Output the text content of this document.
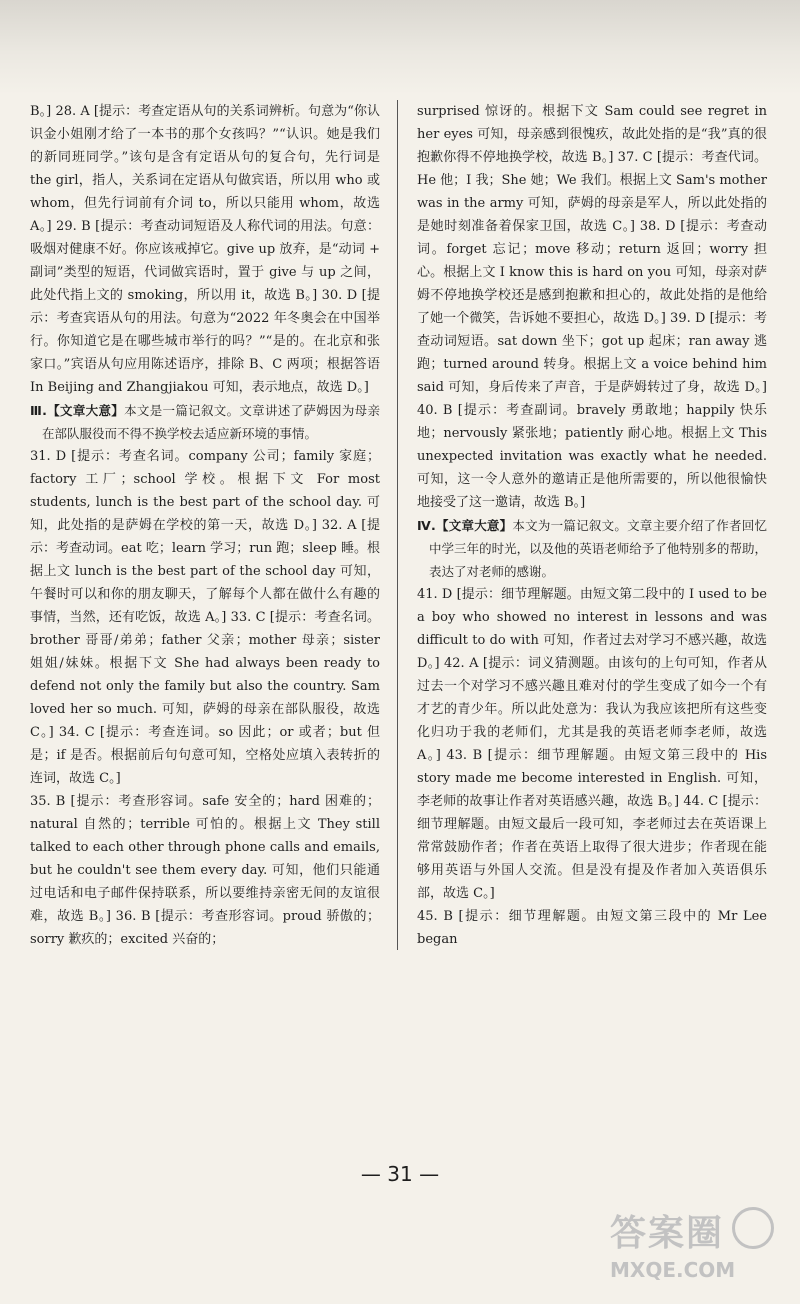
B。] 28. A [提示：考查定语从句的关系词辨析。句意为“你认识金小姐刚才给了一本书的那个女孩吗？”“认识。她是我们的新同班同学。”该句是含有定语从句的复合句，先行词是 the girl，指人，关系词在定语从句做宾语，所以用 who 或 whom，但先行词前有介词 to，所以只能用 whom，故选 A。] 29. B [提示：考查动词短语及人称代词的用法。句意：吸烟对健康不好。你应该戒掉它。give up 放弃，是“动词 + 副词”类型的短语，代词做宾语时，置于 give 与 up 之间，此处代指上文的 smoking，所以用 it，故选 B。] 30. D [提示：考查宾语从句的用法。句意为“2022 年冬奥会在中国举行。你知道它是在哪些城市举行的吗？”“是的。在北京和张家口。”宾语从句应用陈述语序，排除 B、C 两项；根据答语 In Beijing and Zhangjiakou 可知，表示地点，故选 D。]

Ⅲ.【文章大意】本文是一篇记叙文。文章讲述了萨姆因为母亲在部队服役而不得不换学校去适应新环境的事情。

31. D [提示：考查名词。company 公司；family 家庭；factory 工厂；school 学校。根据下文 For most students, lunch is the best part of the school day. 可知，此处指的是萨姆在学校的第一天，故选 D。] 32. A [提示：考查动词。eat 吃；learn 学习；run 跑；sleep 睡。根据上文 lunch is the best part of the school day 可知，午餐时可以和你的朋友聊天，了解每个人都在做什么有趣的事情，当然，还有吃饭，故选 A。] 33. C [提示：考查名词。brother 哥哥/弟弟；father 父亲；mother 母亲；sister 姐姐/妹妹。根据下文 She had always been ready to defend not only the family but also the country. Sam loved her so much. 可知，萨姆的母亲在部队服役，故选 C。] 34. C [提示：考查连词。so 因此；or 或者；but 但是；if 是否。根据前后句句意可知，空格处应填入表转折的连词，故选 C。]

35. B [提示：考查形容词。safe 安全的；hard 困难的；natural 自然的；terrible 可怕的。根据上文 They still talked to each other through phone calls and emails, but he couldn't see them every day. 可知，他们只能通过电话和电子邮件保持联系，所以要维持亲密无间的友谊很难，故选 B。] 36. B [提示：考查形容词。proud 骄傲的；sorry 歉疚的；excited 兴奋的；

surprised 惊讶的。根据下文 Sam could see regret in her eyes 可知，母亲感到很愧疚，故此处指的是“我”真的很抱歉你得不停地换学校，故选 B。] 37. C [提示：考查代词。He 他；I 我；She 她；We 我们。根据上文 Sam's mother was in the army 可知，萨姆的母亲是军人，所以此处指的是她时刻准备着保家卫国，故选 C。] 38. D [提示：考查动词。forget 忘记；move 移动；return 返回；worry 担心。根据上文 I know this is hard on you 可知，母亲对萨姆不停地换学校还是感到抱歉和担心的，故此处指的是他给了她一个微笑，告诉她不要担心，故选 D。] 39. D [提示：考查动词短语。sat down 坐下；got up 起床；ran away 逃跑；turned around 转身。根据上文 a voice behind him said 可知，身后传来了声音，于是萨姆转过了身，故选 D。] 40. B [提示：考查副词。bravely 勇敢地；happily 快乐地；nervously 紧张地；patiently 耐心地。根据上文 This unexpected invitation was exactly what he needed. 可知，这一令人意外的邀请正是他所需要的，所以他很愉快地接受了这一邀请，故选 B。]

Ⅳ.【文章大意】本文为一篇记叙文。文章主要介绍了作者回忆中学三年的时光，以及他的英语老师给予了他特别多的帮助，表达了对老师的感谢。

41. D [提示：细节理解题。由短文第二段中的 I used to be a boy who showed no interest in lessons and was difficult to do with 可知，作者过去对学习不感兴趣，故选 D。] 42. A [提示：词义猜测题。由该句的上句可知，作者从过去一个对学习不感兴趣且难对付的学生变成了如今一个有才艺的青少年。所以此处意为：我认为我应该把所有这些变化归功于我的老师们，尤其是我的英语老师李老师，故选 A。] 43. B [提示：细节理解题。由短文第三段中的 His story made me become interested in English. 可知，李老师的故事让作者对英语感兴趣，故选 B。] 44. C [提示：细节理解题。由短文最后一段可知，李老师过去在英语课上常常鼓励作者；作者在英语上取得了很大进步；作者现在能够用英语与外国人交流。但是没有提及作者加入英语俱乐部，故选 C。]

45. B [提示：细节理解题。由短文第三段中的 Mr Lee began

— 31 —
答案圈
MXQE.COM
